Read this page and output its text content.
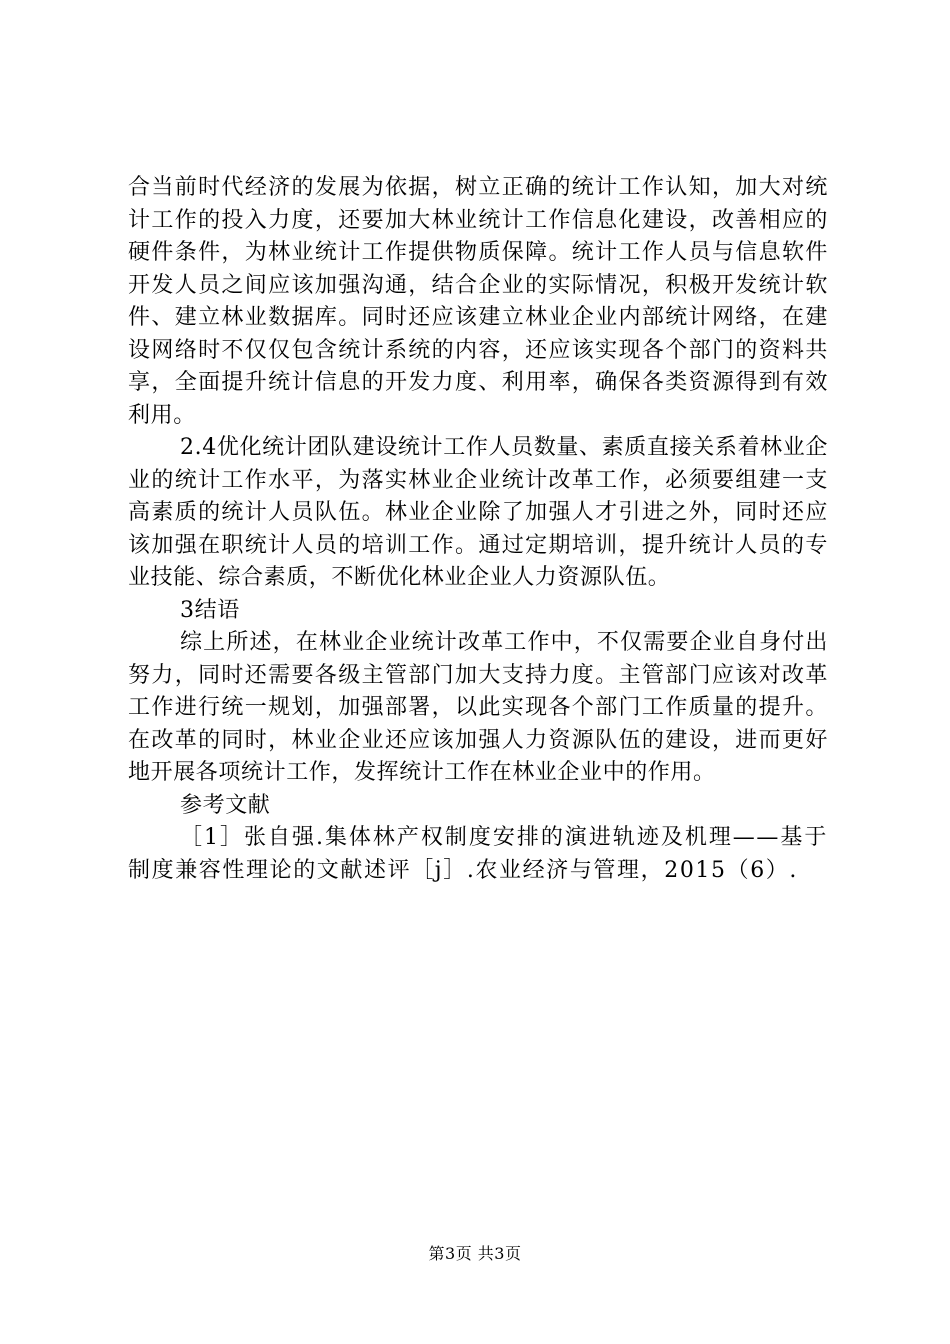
合当前时代经济的发展为依据，树立正确的统计工作认知，加大对统计工作的投入力度，还要加大林业统计工作信息化建设，改善相应的硬件条件，为林业统计工作提供物质保障。统计工作人员与信息软件开发人员之间应该加强沟通，结合企业的实际情况，积极开发统计软件、建立林业数据库。同时还应该建立林业企业内部统计网络，在建设网络时不仅仅包含统计系统的内容，还应该实现各个部门的资料共享，全面提升统计信息的开发力度、利用率，确保各类资源得到有效利用。

2.4优化统计团队建设统计工作人员数量、素质直接关系着林业企业的统计工作水平，为落实林业企业统计改革工作，必须要组建一支高素质的统计人员队伍。林业企业除了加强人才引进之外，同时还应该加强在职统计人员的培训工作。通过定期培训，提升统计人员的专业技能、综合素质，不断优化林业企业人力资源队伍。

3结语

综上所述，在林业企业统计改革工作中，不仅需要企业自身付出努力，同时还需要各级主管部门加大支持力度。主管部门应该对改革工作进行统一规划，加强部署，以此实现各个部门工作质量的提升。在改革的同时，林业企业还应该加强人力资源队伍的建设，进而更好地开展各项统计工作，发挥统计工作在林业企业中的作用。

参考文献

［1］张自强.集体林产权制度安排的演进轨迹及机理——基于制度兼容性理论的文献述评［j］.农业经济与管理，2015（6）.

第3页 共3页
